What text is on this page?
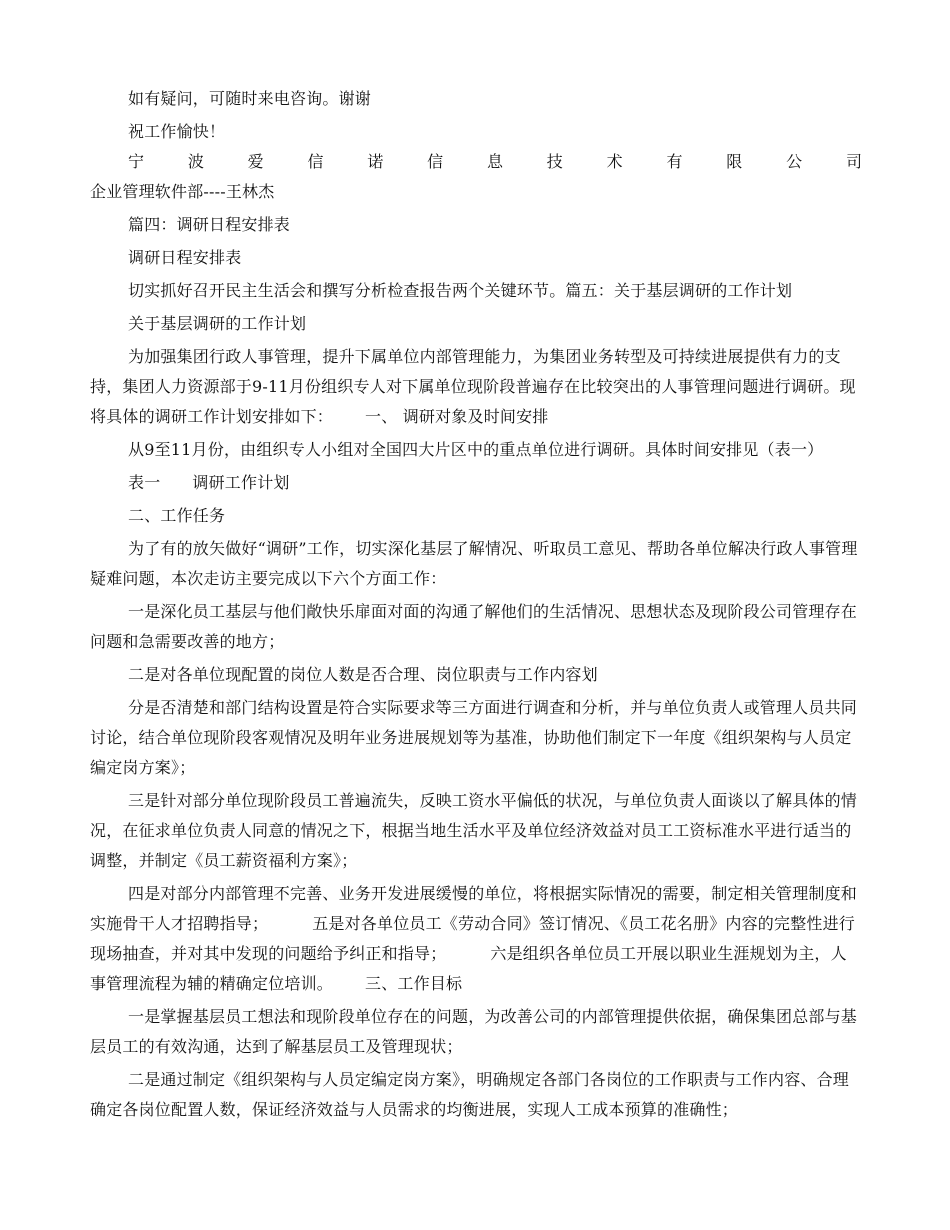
如有疑问，可随时来电咨询。谢谢

祝工作愉快！

宁	波	爱	信	诺	信	息	技	术	有	限	公	司

企业管理软件部----王林杰

篇四：调研日程安排表

调研日程安排表

切实抓好召开民主生活会和撰写分析检查报告两个关键环节。篇五：关于基层调研的工作计划

关于基层调研的工作计划

为加强集团行政人事管理，提升下属单位内部管理能力，为集团业务转型及可持续进展提供有力的支持，集团人力资源部于9-11月份组织专人对下属单位现阶段普遍存在比较突出的人事管理问题进行调研。现将具体的调研工作计划安排如下： 一、 调研对象及时间安排

从9至11月份，由组织专人小组对全国四大片区中的重点单位进行调研。具体时间安排见（表一）

表一 调研工作计划

二、工作任务

为了有的放矢做好“调研”工作，切实深化基层了解情况、听取员工意见、帮助各单位解决行政人事管理疑难问题，本次走访主要完成以下六个方面工作：

一是深化员工基层与他们敞快乐扉面对面的沟通了解他们的生活情况、思想状态及现阶段公司管理存在问题和急需要改善的地方；

二是对各单位现配置的岗位人数是否合理、岗位职责与工作内容划

分是否清楚和部门结构设置是符合实际要求等三方面进行调查和分析，并与单位负责人或管理人员共同讨论，结合单位现阶段客观情况及明年业务进展规划等为基准，协助他们制定下一年度《组织架构与人员定编定岗方案》；

三是针对部分单位现阶段员工普遍流失，反映工资水平偏低的状况，与单位负责人面谈以了解具体的情况，在征求单位负责人同意的情况之下，根据当地生活水平及单位经济效益对员工工资标准水平进行适当的调整，并制定《员工薪资福利方案》；

四是对部分内部管理不完善、业务开发进展缓慢的单位，将根据实际情况的需要，制定相关管理制度和实施骨干人才招聘指导；	五是对各单位员工《劳动合同》签订情况、《员工花名册》内容的完整性进行现场抽查，并对其中发现的问题给予纠正和指导；	六是组织各单位员工开展以职业生涯规划为主，人事管理流程为辅的精确定位培训。 三、工作目标

一是掌握基层员工想法和现阶段单位存在的问题，为改善公司的内部管理提供依据，确保集团总部与基层员工的有效沟通，达到了解基层员工及管理现状；

二是通过制定《组织架构与人员定编定岗方案》，明确规定各部门各岗位的工作职责与工作内容、合理确定各岗位配置人数，保证经济效益与人员需求的均衡进展，实现人工成本预算的准确性；
